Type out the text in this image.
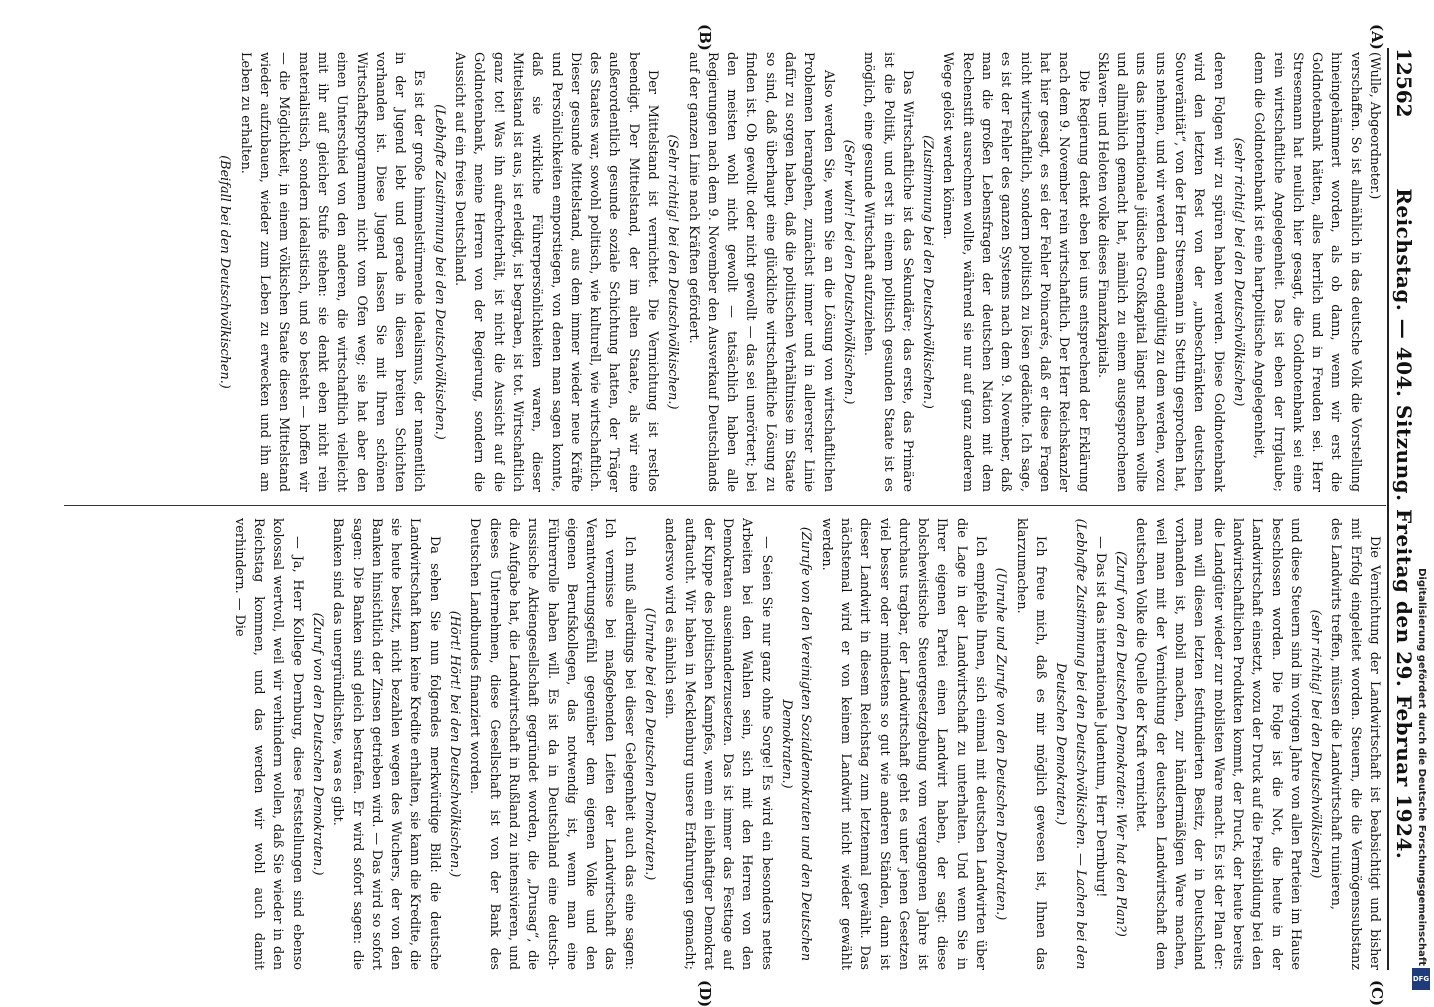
12562
Reichstag. — 404. Sitzung. Freitag den 29. Februar 1924.
(A)
(B)
(C)
(D)

(Wulle, Abgeordneter.)

verschaffen. So ist allmählich in das deutsche Volk die Vorstellung hineingehämmert worden, als ob dann, wenn wir erst die Goldnotenbank hätten, alles herrlich und in Freuden sei. Herr Stresemann hat neulich hier gesagt, die Goldnotenbank sei eine rein wirtschaftliche Angelegenheit. Das ist eben der Irrglaube; denn die Goldnotenbank ist eine hartpolitische Angelegenheit,

(sehr richtig! bei den Deutschvölkischen)

deren Folgen wir zu spüren haben werden. Diese Goldnotenbank wird den letzten Rest von der „unbeschränkten deutschen Souveränität“, von der Herr Stresemann in Stettin gesprochen hat, uns nehmen, und wir werden dann endgültig zu dem werden, wozu uns das internationale jüdische Großkapital längst machen wollte und allmählich gemacht hat, nämlich zu einem ausgesprochenen Sklaven- und Heloten volke dieses Finanzkapitals.

Die Regierung denkt eben bei uns entsprechend der Erklärung nach dem 9. November rein wirtschaftlich. Der Herr Reichskanzler hat hier gesagt, es sei der Fehler Poincarés, daß er diese Fragen nicht wirtschaftlich, sondern politisch zu lösen gedächte. Ich sage, es ist der Fehler des ganzen Systems nach dem 9. November, daß man die großen Lebensfragen der deutschen Nation mit dem Rechenstift ausrechnen wollte, während sie nur auf ganz anderem Wege gelöst werden können.

(Zustimmung bei den Deutschvölkischen.)

Das Wirtschaftliche ist das Sekundäre; das erste, das Primäre ist die Politik, und erst in einem politisch gesunden Staate ist es möglich, eine gesunde Wirtschaft aufzuziehen.

(Sehr wahr! bei den Deutschvölkischen.)

Also werden Sie, wenn Sie an die Lösung von wirtschaftlichen Problemen herangehen, zunächst immer und in allererster Linie dafür zu sorgen haben, daß die politischen Verhältnisse im Staate so sind, daß überhaupt eine glückliche wirtschaftliche Lösung zu finden ist. Ob gewollt oder nicht gewollt — das sei unerörtert; bei den meisten wohl nicht gewollt — tatsächlich haben alle Regierungen nach dem 9. November den Ausverkauf Deutschlands auf der ganzen Linie nach Kräften gefördert.

(Sehr richtig! bei den Deutschvölkischen.)

Der Mittelstand ist vernichtet. Die Vernichtung ist restlos beendigt. Der Mittelstand, der im alten Staate, als wir eine außerordentlich gesunde soziale Schichtung hatten, der Träger des Staates war, sowohl politisch, wie kulturell, wie wirtschaftlich. Dieser gesunde Mittelstand, aus dem immer wieder neue Kräfte und Persönlichkeiten emporstiegen, von denen man sagen konnte, daß sie wirkliche Führerpersönlichkeiten waren, dieser Mittelstand ist aus, ist erledigt, ist begraben, ist tot. Wirtschaftlich ganz tot! Was ihn aufrechterhält, ist nicht die Aussicht auf die Goldnotenbank, meine Herren von der Regierung, sondern die Aussicht auf ein freies Deutschland.

(Lebhafte Zustimmung bei den Deutschvölkischen.)

Es ist der große himmelstürmende Idealismus, der namentlich in der Jugend lebt und gerade in diesen breiten Schichten vorhanden ist. Diese Jugend lassen Sie mit Ihren schönen Wirtschaftsprogrammen nicht vom Ofen weg; sie hat aber den einen Unterschied von den anderen, die wirtschaftlich vielleicht mit ihr auf gleicher Stufe stehen: sie denkt eben nicht rein materialistisch, sondern idealistisch, und so besteht — hoffen wir — die Möglichkeit, in einem völkischen Staate diesen Mittelstand wieder aufzubauen, wieder zum Leben zu erwecken und ihn am Leben zu erhalten.

(Beifall bei den Deutschvölkischen.)

Die Vernichtung der Landwirtschaft ist beabsichtigt und bisher mit Erfolg eingeleitet worden. Steuern, die die Vermögenssubstanz des Landwirts treffen, müssen die Landwirtschaft ruinieren,

(sehr richtig! bei den Deutschvölkischen)

und diese Steuern sind im vorigen Jahre von allen Parteien im Hause beschlossen worden. Die Folge ist die Not, die heute in der Landwirtschaft einsetzt, wozu der Druck auf die Preisbildung bei den landwirtschaftlichen Produkten kommt, der Druck, der heute bereits die Landgüter wieder zur mobilsten Ware macht. Es ist der Plan der: man will diesen letzten festfundierten Besitz, der in Deutschland vorhanden ist, mobil machen, zur händlermäßigen Ware machen, weil man mit der Vernichtung der deutschen Landwirtschaft dem deutschen Volke die Quelle der Kraft vernichtet.

(Zuruf von den Deutschen Demokraten: Wer hat den Plan?)

— Das ist das internationale Judentum, Herr Dernburg!

(Lebhafte Zustimmung bei den Deutschvölkischen. — Lachen bei den Deutschen Demokraten.)

Ich freue mich, daß es mir möglich gewesen ist, Ihnen das klarzumachen.

(Unruhe und Zurufe von den Deutschen Demokraten.)

Ich empfehle Ihnen, sich einmal mit deutschen Landwirten über die Lage in der Landwirtschaft zu unterhalten. Und wenn Sie in Ihrer eigenen Partei einen Landwirt haben, der sagt: diese bolschewistische Steuergesetzgebung vom vergangenen Jahre ist durchaus tragbar, der Landwirtschaft geht es unter jenen Gesetzen viel besser oder mindestens so gut wie anderen Ständen, dann ist dieser Landwirt in diesem Reichstag zum letztenmal gewählt. Das nächstemal wird er von keinem Landwirt nicht wieder gewählt werden.

(Zurufe von den Vereinigten Sozialdemokraten und den Deutschen Demokraten.)

— Seien Sie nur ganz ohne Sorge! Es wird ein besonders nettes Arbeiten bei den Wahlen sein, sich mit den Herren von den Demokraten auseinanderzusetzen. Das ist immer das Festtage auf der Kuppe des politischen Kampfes, wenn ein leibhaftiger Demokrat auftaucht. Wir haben in Mecklenburg unsere Erfahrungen gemacht; anderswo wird es ähnlich sein.

(Unruhe bei den Deutschen Demokraten.)

Ich muß allerdings bei dieser Gelegenheit auch das eine sagen: Ich vermisse bei maßgebenden Leiten der Landwirtschaft das Verantwortungsgefühl gegenüber dem eigenen Volke und den eigenen Berufskollegen, das notwendig ist, wenn man eine Führerrolle haben will. Es ist da in Deutschland eine deutsch-russische Aktiengesellschaft gegründet worden, die „Drusag“, die die Aufgabe hat, die Landwirtschaft in Rußland zu intensivieren, und dieses Unternehmen, diese Gesellschaft ist von der Bank des Deutschen Landbundes finanziert worden.

(Hört! Hört! bei den Deutschvölkischen.)

Da sehen Sie nun folgendes merkwürdige Bild: die deutsche Landwirtschaft kann keine Kredite erhalten, sie kann die Kredite, die sie heute besitzt, nicht bezahlen wegen des Wuchers, der von den Banken hinsichtlich der Zinsen getrieben wird. — Das wird so sofort sagen: Die Banken sind gleich bestrafen. Er wird sofort sagen: die Banken sind das unergründlichste, was es gibt.

(Zuruf von den Deutschen Demokraten.)

— Ja, Herr Kollege Dernburg, diese Feststellungen sind ebenso kolossal wertvoll, weil wir verhindern wollen, daß Sie wieder in den Reichstag kommen, und das werden wir wohl auch damit verhindern. — Die	Digitalisierung gefördert durch die Deutsche Forschungsgemeinschaft
DFG
